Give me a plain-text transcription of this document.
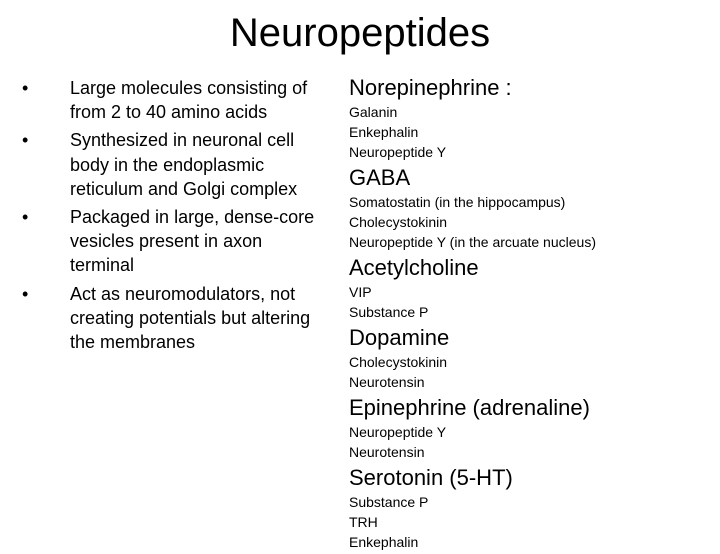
Neuropeptides
•	Large molecules consisting of from 2 to 40 amino acids
•	Synthesized in neuronal cell body in the endoplasmic reticulum and Golgi complex
•	Packaged in large, dense-core vesicles present in axon terminal
•	Act as neuromodulators, not creating potentials but altering the membranes
Norepinephrine :
Galanin
Enkephalin
Neuropeptide Y
GABA
Somatostatin (in the hippocampus)
Cholecystokinin
Neuropeptide Y (in the arcuate nucleus)
Acetylcholine
VIP
Substance P
Dopamine
Cholecystokinin
Neurotensin
Epinephrine (adrenaline)
Neuropeptide Y
Neurotensin
Serotonin (5-HT)
Substance P
TRH
Enkephalin
